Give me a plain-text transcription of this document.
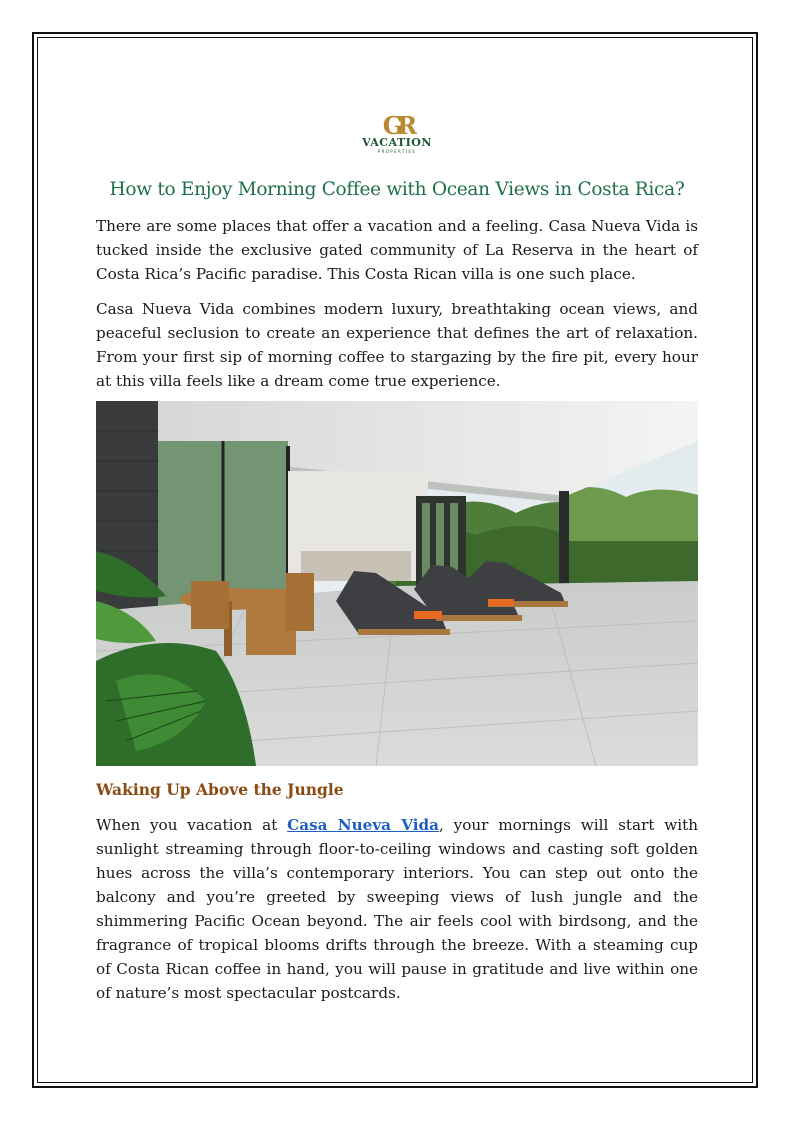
GR
VACATION
PROPERTIES
How to Enjoy Morning Coffee with Ocean Views in Costa Rica?

There are some places that offer a vacation and a feeling. Casa Nueva Vida is tucked inside the exclusive gated community of La Reserva in the heart of Costa Rica’s Pacific paradise. This Costa Rican villa is one such place.

Casa Nueva Vida combines modern luxury, breathtaking ocean views, and peaceful seclusion to create an experience that defines the art of relaxation. From your first sip of morning coffee to stargazing by the fire pit, every hour at this villa feels like a dream come true experience.

Waking Up Above the Jungle

When you vacation at Casa Nueva Vida, your mornings will start with sunlight streaming through floor-to-ceiling windows and casting soft golden hues across the villa’s contemporary interiors. You can step out onto the balcony and you’re greeted by sweeping views of lush jungle and the shimmering Pacific Ocean beyond. The air feels cool with birdsong, and the fragrance of tropical blooms drifts through the breeze. With a steaming cup of Costa Rican coffee in hand, you will pause in gratitude and live within one of nature’s most spectacular postcards.
